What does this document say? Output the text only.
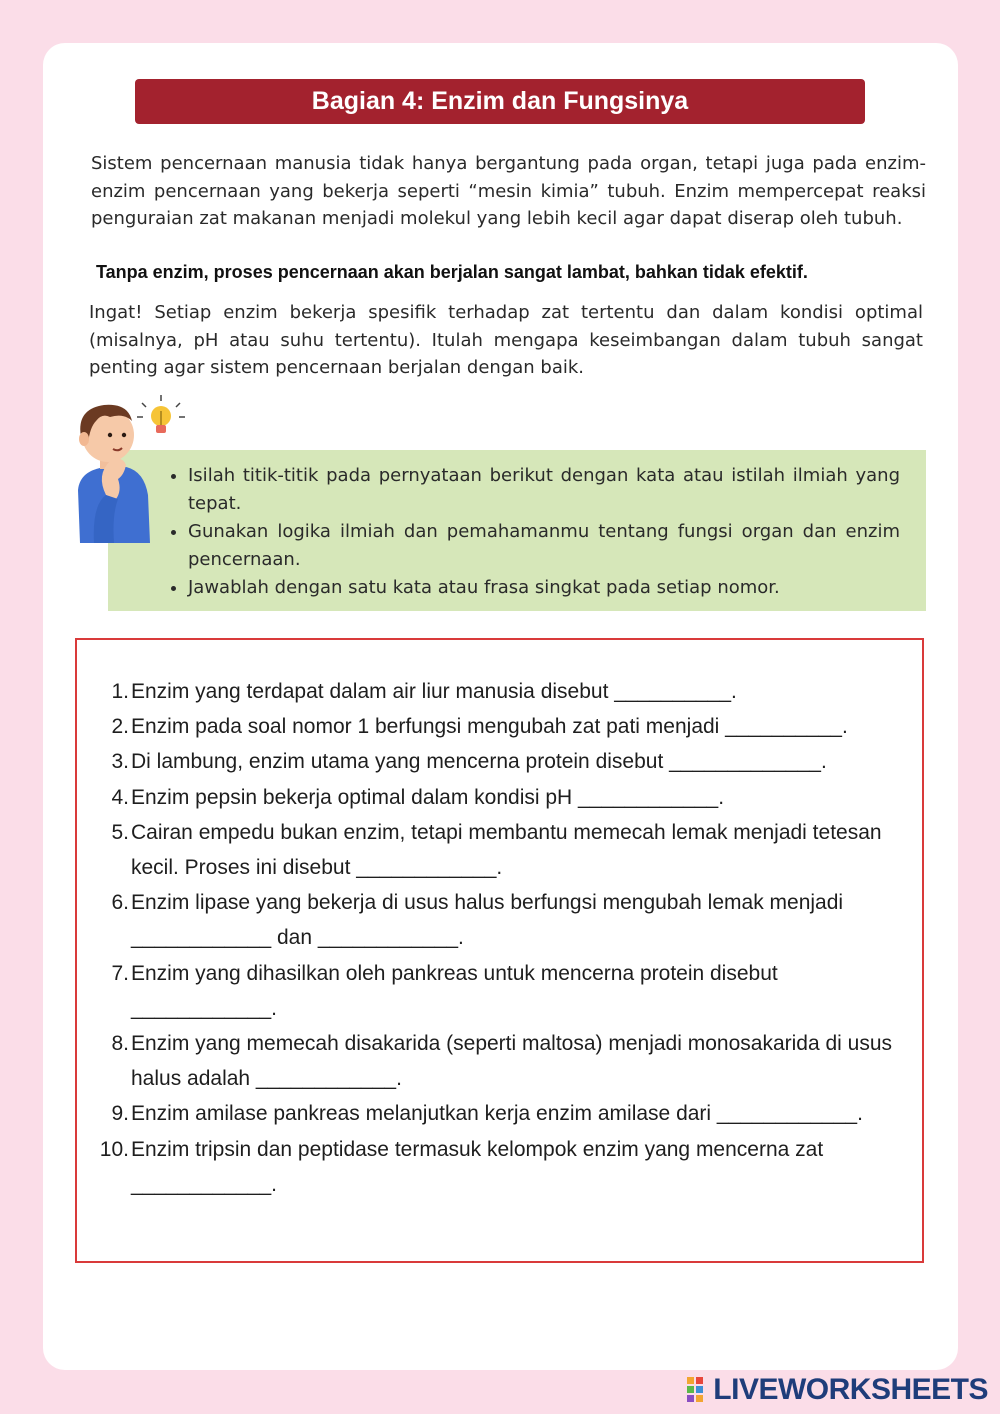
Bagian 4: Enzim dan Fungsinya

Sistem pencernaan manusia tidak hanya bergantung pada organ, tetapi juga pada enzim-enzim pencernaan yang bekerja seperti “mesin kimia” tubuh. Enzim mempercepat reaksi penguraian zat makanan menjadi molekul yang lebih kecil agar dapat diserap oleh tubuh.

Tanpa enzim, proses pencernaan akan berjalan sangat lambat, bahkan tidak efektif.

Ingat! Setiap enzim bekerja spesifik terhadap zat tertentu dan dalam kondisi optimal (misalnya, pH atau suhu tertentu). Itulah mengapa keseimbangan dalam tubuh sangat penting agar sistem pencernaan berjalan dengan baik.

• Isilah titik-titik pada pernyataan berikut dengan kata atau istilah ilmiah yang tepat.
• Gunakan logika ilmiah dan pemahamanmu tentang fungsi organ dan enzim pencernaan.
• Jawablah dengan satu kata atau frasa singkat pada setiap nomor.
1. Enzim yang terdapat dalam air liur manusia disebut __________.
2. Enzim pada soal nomor 1 berfungsi mengubah zat pati menjadi __________.
3. Di lambung, enzim utama yang mencerna protein disebut _____________.
4. Enzim pepsin bekerja optimal dalam kondisi pH ____________.
5. Cairan empedu bukan enzim, tetapi membantu memecah lemak menjadi tetesan kecil. Proses ini disebut ____________.
6. Enzim lipase yang bekerja di usus halus berfungsi mengubah lemak menjadi ____________ dan ____________.
7. Enzim yang dihasilkan oleh pankreas untuk mencerna protein disebut ____________.
8. Enzim yang memecah disakarida (seperti maltosa) menjadi monosakarida di usus halus adalah ____________.
9. Enzim amilase pankreas melanjutkan kerja enzim amilase dari ____________.
10. Enzim tripsin dan peptidase termasuk kelompok enzim yang mencerna zat ____________.
LIVEWORKSHEETS
